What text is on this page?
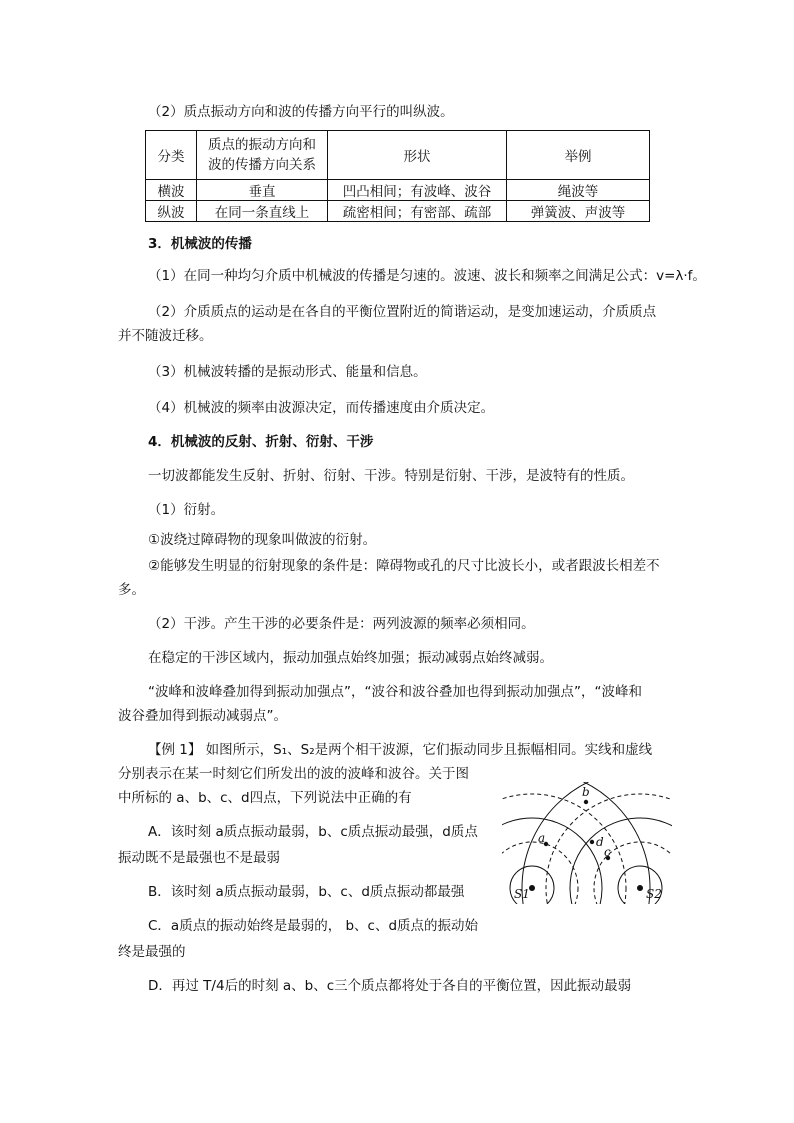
（2）质点振动方向和波的传播方向平行的叫纵波。
分类	质点的振动方向和波的传播方向关系	形状	举例
横波	垂直	凹凸相间；有波峰、波谷	绳波等
纵波	在同一条直线上	疏密相间；有密部、疏部	弹簧波、声波等
3．机械波的传播
（1）在同一种均匀介质中机械波的传播是匀速的。波速、波长和频率之间满足公式：v=λ·f。
（2）介质质点的运动是在各自的平衡位置附近的简谐运动，是变加速运动，介质质点
并不随波迁移。
（3）机械波转播的是振动形式、能量和信息。
（4）机械波的频率由波源决定，而传播速度由介质决定。
4．机械波的反射、折射、衍射、干涉
一切波都能发生反射、折射、衍射、干涉。特别是衍射、干涉，是波特有的性质。
（1）衍射。
①波绕过障碍物的现象叫做波的衍射。
②能够发生明显的衍射现象的条件是：障碍物或孔的尺寸比波长小，或者跟波长相差不
多。
（2）干涉。产生干涉的必要条件是：两列波源的频率必须相同。
在稳定的干涉区域内，振动加强点始终加强；振动减弱点始终减弱。
“波峰和波峰叠加得到振动加强点”，“波谷和波谷叠加也得到振动加强点”，“波峰和
波谷叠加得到振动减弱点”。
【例 1】 如图所示，S₁、S₂是两个相干波源，它们振动同步且振幅相同。实线和虚线
分别表示在某一时刻它们所发出的波的波峰和波谷。关于图
中所标的 a、b、c、d四点，下列说法中正确的有
A．该时刻 a质点振动最弱，b、c质点振动最强，d质点
振动既不是最强也不是最弱
B．该时刻 a质点振动最弱，b、c、d质点振动都最强
C．a质点的振动始终是最弱的， b、c、d质点的振动始
终是最强的
D．再过 T/4后的时刻 a、b、c三个质点都将处于各自的平衡位置，因此振动最弱
b
a	d
c
S1	S2
